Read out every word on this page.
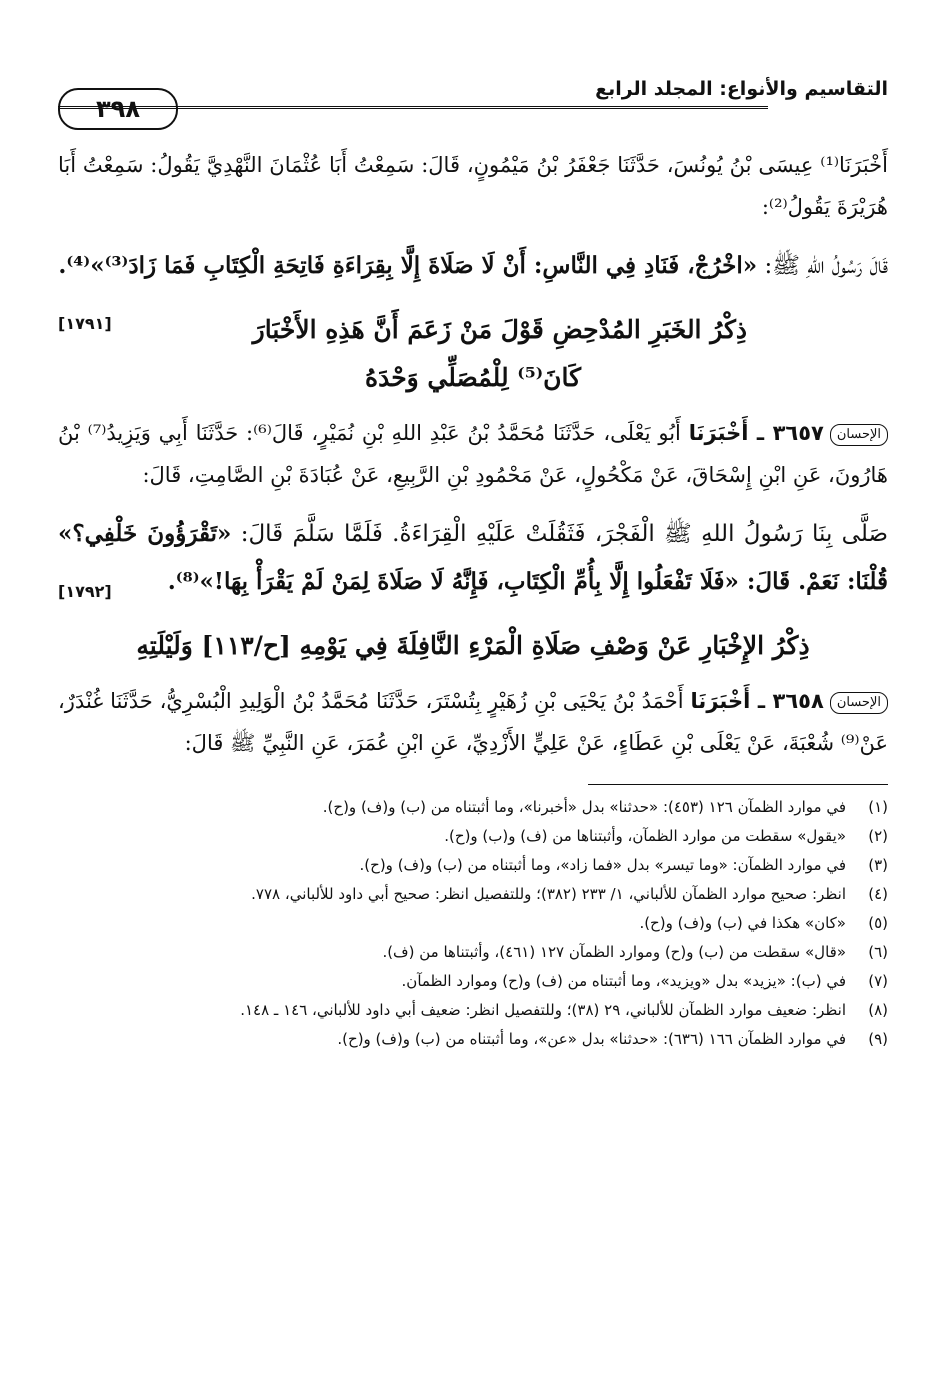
التقاسيم والأنواع: المجلد الرابع
٣٩٨

أَخْبَرَنَا⁽¹⁾ عِيسَى بْنُ يُونُسَ، حَدَّثَنَا جَعْفَرُ بْنُ مَيْمُونٍ، قَالَ: سَمِعْتُ أَبَا عُثْمَانَ النَّهْدِيَّ يَقُولُ: سَمِعْتُ أَبَا هُرَيْرَةَ يَقُولُ⁽²⁾:

قَالَ رَسُولُ اللهِ ﷺ: «اخْرُجْ، فَنَادِ فِي النَّاسِ: أَنْ لَا صَلَاةَ إِلَّا بِقِرَاءَةِ فَاتِحَةِ الْكِتَابِ فَمَا زَادَ⁽³⁾»⁽⁴⁾.
[١٧٩١]	ذِكْرُ الخَبَرِ المُدْحِضِ قَوْلَ مَنْ زَعَمَ أَنَّ هَذِهِ الأَخْبَارَ
كَانَ⁽⁵⁾ لِلْمُصَلِّي وَحْدَهُ

الإحسان٣٦٥٧ ـ أَخْبَرَنَا أَبُو يَعْلَى، حَدَّثَنَا مُحَمَّدُ بْنُ عَبْدِ اللهِ بْنِ نُمَيْرٍ، قَالَ⁽⁶⁾: حَدَّثَنَا أَبِي وَيَزِيدُ⁽⁷⁾ بْنُ هَارُونَ، عَنِ ابْنِ إِسْحَاقَ، عَنْ مَكْحُولٍ، عَنْ مَحْمُودِ بْنِ الرَّبِيعِ، عَنْ عُبَادَةَ بْنِ الصَّامِتِ، قَالَ:

صَلَّى بِنَا رَسُولُ اللهِ ﷺ الْفَجْرَ، فَثَقُلَتْ عَلَيْهِ الْقِرَاءَةُ. فَلَمَّا سَلَّمَ قَالَ: «تَقْرَؤُونَ خَلْفِي؟» قُلْنَا: نَعَمْ. قَالَ: «فَلَا تَفْعَلُوا إِلَّا بِأُمِّ الْكِتَابِ، فَإِنَّهُ لَا صَلَاةَ لِمَنْ لَمْ يَقْرَأْ بِهَا!»⁽⁸⁾.
[١٧٩٢]

ذِكْرُ الإِخْبَارِ عَنْ وَصْفِ صَلَاةِ الْمَرْءِ النَّافِلَةَ فِي يَوْمِهِ [ح/١١٣] وَلَيْلَتِهِ

الإحسان٣٦٥٨ ـ أَخْبَرَنَا أَحْمَدُ بْنُ يَحْيَى بْنِ زُهَيْرٍ بِتُسْتَرَ، حَدَّثَنَا مُحَمَّدُ بْنُ الْوَلِيدِ الْبُسْرِيُّ، حَدَّثَنَا غُنْدَرٌ، عَنْ⁽⁹⁾ شُعْبَةَ، عَنْ يَعْلَى بْنِ عَطَاءٍ، عَنْ عَلِيٍّ الأَزْدِيِّ، عَنِ ابْنِ عُمَرَ، عَنِ النَّبِيِّ ﷺ قَالَ:

(١)
في موارد الظمآن ١٢٦ (٤٥٣): «حدثنا» بدل «أخبرنا»، وما أثبتناه من (ب) و(ف) و(ح).
(٢)
«يقول» سقطت من موارد الظمآن، وأثبتناها من (ف) و(ب) و(ح).
(٣)
في موارد الظمآن: «وما تيسر» بدل «فما زاد»، وما أثبتناه من (ب) و(ف) و(ح).
(٤)
انظر: صحيح موارد الظمآن للألباني، ١/ ٢٣٣ (٣٨٢)؛ وللتفصيل انظر: صحيح أبي داود للألباني، ٧٧٨.
(٥)
«كان» هكذا في (ب) و(ف) و(ح).
(٦)
«قال» سقطت من (ب) و(ح) وموارد الظمآن ١٢٧ (٤٦١)، وأثبتناها من (ف).
(٧)
في (ب): «يزيد» بدل «ويزيد»، وما أثبتناه من (ف) و(ح) وموارد الظمآن.
(٨)
انظر: ضعيف موارد الظمآن للألباني، ٢٩ (٣٨)؛ وللتفصيل انظر: ضعيف أبي داود للألباني، ١٤٦ ـ ١٤٨.
(٩)
في موارد الظمآن ١٦٦ (٦٣٦): «حدثنا» بدل «عن»، وما أثبتناه من (ب) و(ف) و(ح).
